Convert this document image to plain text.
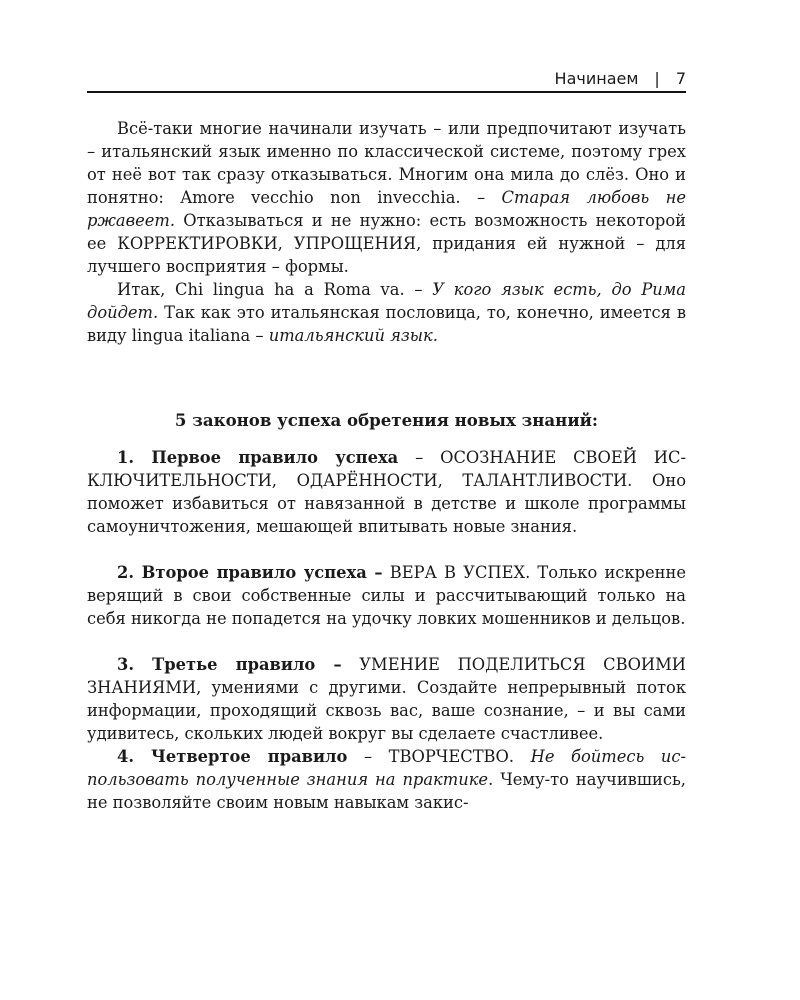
Начинаем | 7

Всё-таки многие начинали изучать – или предпочитают изучать – итальянский язык именно по классической системе, поэтому грех от неё вот так сразу отказываться. Многим она мила до слёз. Оно и понятно: Amore vecchio non invecchia. – Старая любовь не ржавеет. Отказываться и не нужно: есть возможность некоторой ее КОРРЕКТИРОВКИ, УПРОЩЕНИЯ, придания ей нужной – для лучшего восприятия – формы.

Итак, Chi lingua ha a Roma va. – У кого язык есть, до Рима дойдет. Так как это итальянская пословица, то, конечно, имеется в виду lingua italiana – итальянский язык.

5 законов успеха обретения новых знаний:

1. Первое правило успеха – ОСОЗНАНИЕ СВОЕЙ ИСКЛЮЧИТЕЛЬНОСТИ, ОДАРЁННОСТИ, ТАЛАНТЛИВОСТИ. Оно поможет избавиться от навязанной в детстве и школе программы самоуничтожения, мешающей впитывать новые знания.

2. Второе правило успеха – ВЕРА В УСПЕХ. Только искренне верящий в свои собственные силы и рассчитывающий только на себя никогда не попадется на удочку ловких мошенников и дельцов.

3. Третье правило – УМЕНИЕ ПОДЕЛИТЬСЯ СВОИМИ ЗНАНИЯМИ, умениями с другими. Создайте непрерывный поток информации, проходящий сквозь вас, ваше сознание, – и вы сами удивитесь, скольких людей вокруг вы сделаете счастливее.

4. Четвертое правило – ТВОРЧЕСТВО. Не бойтесь использовать полученные знания на практике. Чему-то научившись, не позволяйте своим новым навыкам закис-
